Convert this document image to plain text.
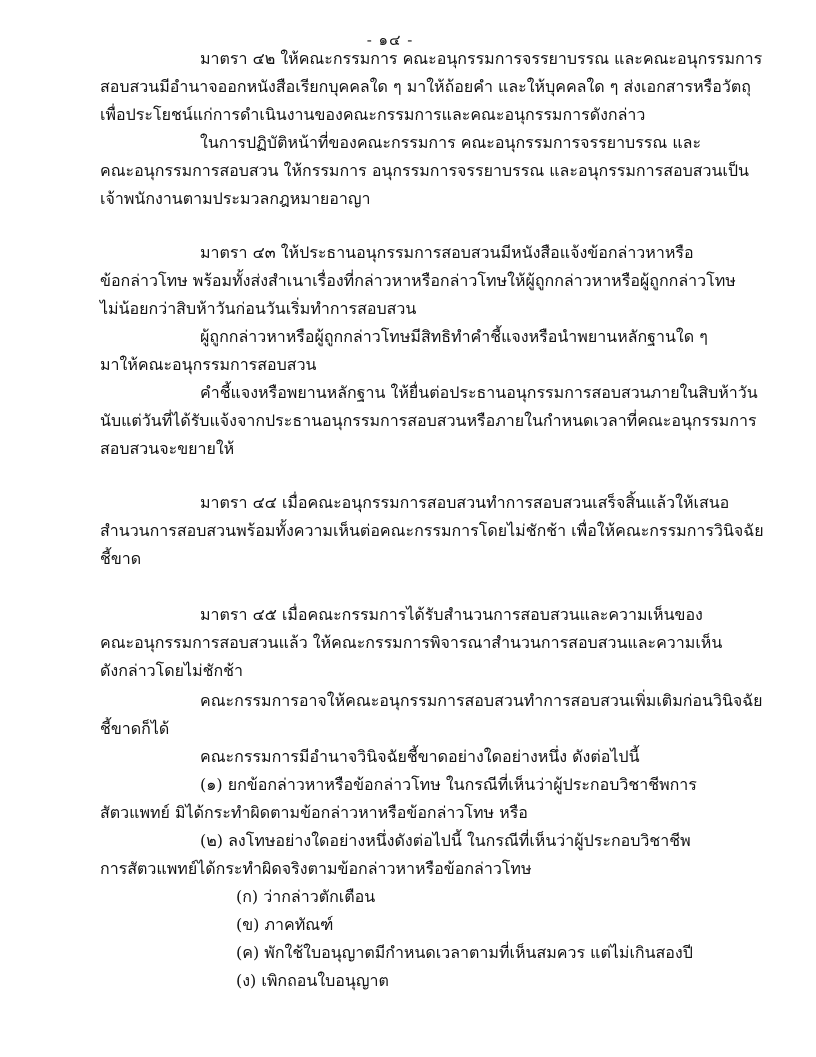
- ๑๔ -
มาตรา ๔๒ ให้คณะกรรมการ คณะอนุกรรมการจรรยาบรรณ และคณะอนุกรรมการ
สอบสวนมีอำนาจออกหนังสือเรียกบุคคลใด ๆ มาให้ถ้อยคำ และให้บุคคลใด ๆ ส่งเอกสารหรือวัตถุ
เพื่อประโยชน์แก่การดำเนินงานของคณะกรรมการและคณะอนุกรรมการดังกล่าว
ในการปฏิบัติหน้าที่ของคณะกรรมการ คณะอนุกรรมการจรรยาบรรณ และ
คณะอนุกรรมการสอบสวน ให้กรรมการ อนุกรรมการจรรยาบรรณ และอนุกรรมการสอบสวนเป็น
เจ้าพนักงานตามประมวลกฎหมายอาญา
มาตรา ๔๓ ให้ประธานอนุกรรมการสอบสวนมีหนังสือแจ้งข้อกล่าวหาหรือ
ข้อกล่าวโทษ พร้อมทั้งส่งสำเนาเรื่องที่กล่าวหาหรือกล่าวโทษให้ผู้ถูกกล่าวหาหรือผู้ถูกกล่าวโทษ
ไม่น้อยกว่าสิบห้าวันก่อนวันเริ่มทำการสอบสวน
ผู้ถูกกล่าวหาหรือผู้ถูกกล่าวโทษมีสิทธิทำคำชี้แจงหรือนำพยานหลักฐานใด ๆ
มาให้คณะอนุกรรมการสอบสวน
คำชี้แจงหรือพยานหลักฐาน ให้ยื่นต่อประธานอนุกรรมการสอบสวนภายในสิบห้าวัน
นับแต่วันที่ได้รับแจ้งจากประธานอนุกรรมการสอบสวนหรือภายในกำหนดเวลาที่คณะอนุกรรมการ
สอบสวนจะขยายให้
มาตรา ๔๔ เมื่อคณะอนุกรรมการสอบสวนทำการสอบสวนเสร็จสิ้นแล้วให้เสนอ
สำนวนการสอบสวนพร้อมทั้งความเห็นต่อคณะกรรมการโดยไม่ชักช้า เพื่อให้คณะกรรมการวินิจฉัย
ชี้ขาด
มาตรา ๔๕ เมื่อคณะกรรมการได้รับสำนวนการสอบสวนและความเห็นของ
คณะอนุกรรมการสอบสวนแล้ว ให้คณะกรรมการพิจารณาสำนวนการสอบสวนและความเห็น
ดังกล่าวโดยไม่ชักช้า
คณะกรรมการอาจให้คณะอนุกรรมการสอบสวนทำการสอบสวนเพิ่มเติมก่อนวินิจฉัย
ชี้ขาดก็ได้
คณะกรรมการมีอำนาจวินิจฉัยชี้ขาดอย่างใดอย่างหนึ่ง ดังต่อไปนี้
(๑) ยกข้อกล่าวหาหรือข้อกล่าวโทษ ในกรณีที่เห็นว่าผู้ประกอบวิชาชีพการ
สัตวแพทย์ มิได้กระทำผิดตามข้อกล่าวหาหรือข้อกล่าวโทษ หรือ
(๒) ลงโทษอย่างใดอย่างหนึ่งดังต่อไปนี้ ในกรณีที่เห็นว่าผู้ประกอบวิชาชีพ
การสัตวแพทย์ได้กระทำผิดจริงตามข้อกล่าวหาหรือข้อกล่าวโทษ
(ก) ว่ากล่าวตักเตือน
(ข) ภาคทัณฑ์
(ค) พักใช้ใบอนุญาตมีกำหนดเวลาตามที่เห็นสมควร แต่ไม่เกินสองปี
(ง) เพิกถอนใบอนุญาต
